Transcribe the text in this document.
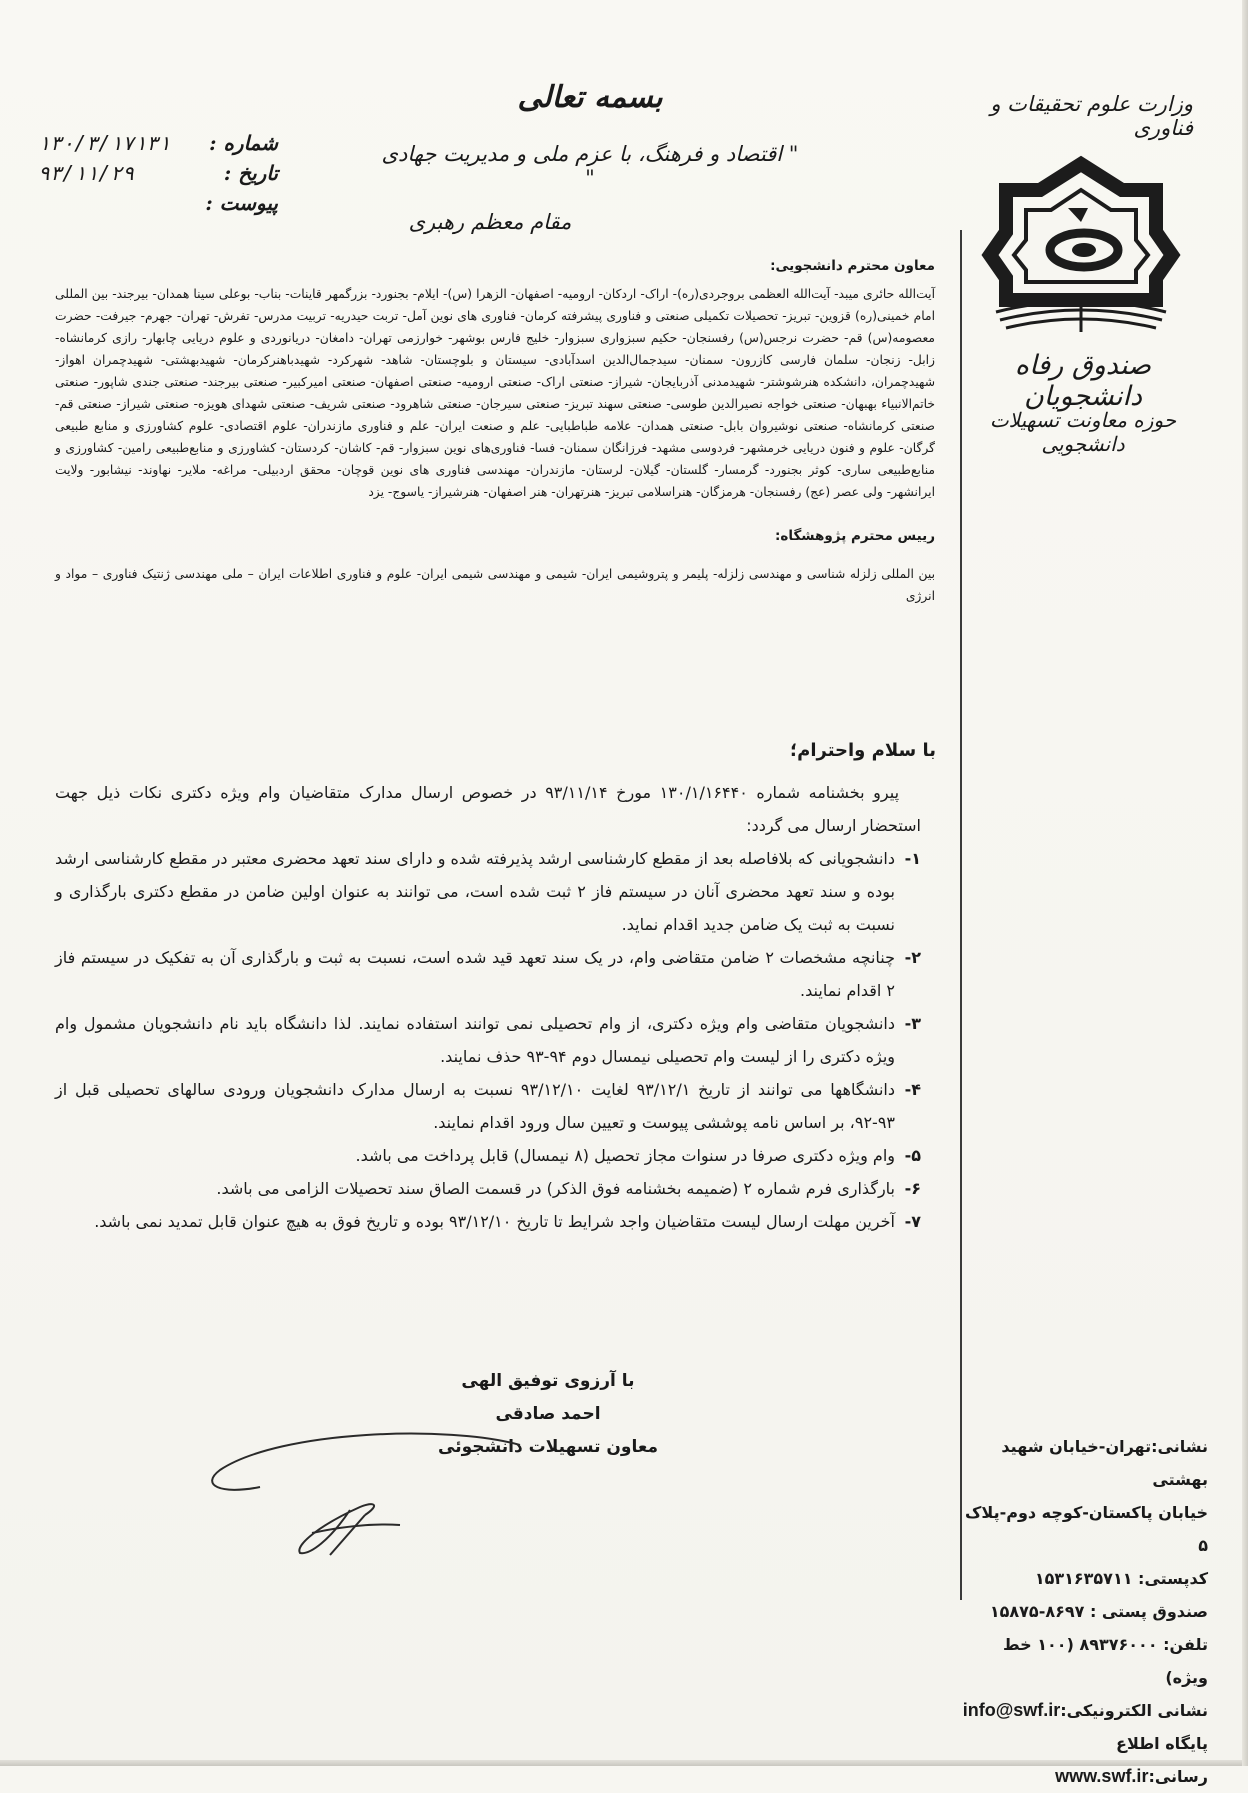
وزارت علوم تحقیقات و فناوری
صندوق رفاه دانشجویان
حوزه معاونت تسهیلات دانشجویی
بسمه تعالی
" اقتصاد و فرهنگ، با عزم ملی و مدیریت جهادی "
مقام معظم رهبری
شماره :
۱۳۰/۳/۱۷۱۳۱
تاریخ :
۹۳/۱۱/۲۹
پیوست :

معاون محترم دانشجویی:

آیت‌الله حائری میبد- آیت‌الله العظمی بروجردی(ره)- اراک- اردکان- ارومیه- اصفهان- الزهرا (س)- ایلام- بجنورد- بزرگمهر قاینات- بناب- بوعلی سینا همدان- بیرجند- بین المللی امام خمینی(ره) قزوین- تبریز- تحصیلات تکمیلی صنعتی و فناوری پیشرفته کرمان- فناوری های نوین آمل- تربت حیدریه- تربیت مدرس- تفرش- تهران- جهرم- جیرفت- حضرت معصومه(س) قم- حضرت نرجس(س) رفسنجان- حکیم سبزواری سبزوار- خلیج فارس بوشهر- خوارزمی تهران- دامغان- دریانوردی و علوم دریایی چابهار- رازی کرمانشاه- زابل- زنجان- سلمان فارسی کازرون- سمنان- سیدجمال‌الدین اسدآبادی- سیستان و بلوچستان- شاهد- شهرکرد- شهیدباهنرکرمان- شهیدبهشتی- شهیدچمران اهواز- شهیدچمران، دانشکده هنرشوشتر- شهیدمدنی آذربایجان- شیراز- صنعتی اراک- صنعتی ارومیه- صنعتی اصفهان- صنعتی امیرکبیر- صنعتی بیرجند- صنعتی جندی شاپور- صنعتی خاتم‌الانبیاء بهبهان- صنعتی خواجه نصیرالدین طوسی- صنعتی سهند تبریز- صنعتی سیرجان- صنعتی شاهرود- صنعتی شریف- صنعتی شهدای هویزه- صنعتی شیراز- صنعتی قم- صنعتی کرمانشاه- صنعتی نوشیروان بابل- صنعتی همدان- علامه طباطبایی- علم و صنعت ایران- علم و فناوری مازندران- علوم اقتصادی- علوم کشاورزی و منابع طبیعی گرگان- علوم و فنون دریایی خرمشهر- فردوسی مشهد- فرزانگان سمنان- فسا- فناوری‌های نوین سبزوار- قم- کاشان- کردستان- کشاورزی و منابع‌طبیعی رامین- کشاورزی و منابع‌طبیعی ساری- کوثر بجنورد- گرمسار- گلستان- گیلان- لرستان- مازندران- مهندسی فناوری های نوین قوچان- محقق اردبیلی- مراغه- ملایر- نهاوند- نیشابور- ولایت ایرانشهر- ولی عصر (عج) رفسنجان- هرمزگان- هنراسلامی تبریز- هنرتهران- هنر اصفهان- هنرشیراز- یاسوج- یزد

رییس محترم پژوهشگاه:

بین المللی زلزله شناسی و مهندسی زلزله- پلیمر و پتروشیمی ایران- شیمی و مهندسی شیمی ایران- علوم و فناوری اطلاعات ایران – ملی مهندسی ژنتیک فناوری – مواد و انرژی

با سلام واحترام؛

پیرو بخشنامه شماره ۱۳۰/۱/۱۶۴۴۰ مورخ ۹۳/۱۱/۱۴ در خصوص ارسال مدارک متقاضیان وام ویژه دکتری نکات ذیل جهت استحضار ارسال می گردد:

۱-
دانشجویانی که بلافاصله بعد از مقطع کارشناسی ارشد پذیرفته شده و دارای سند تعهد محضری معتبر در مقطع کارشناسی ارشد بوده و سند تعهد محضری آنان در سیستم فاز ۲ ثبت شده است، می توانند به عنوان اولین ضامن در مقطع دکتری بارگذاری و نسبت به ثبت یک ضامن جدید اقدام نماید.
۲-
چنانچه مشخصات ۲ ضامن متقاضی وام، در یک سند تعهد قید شده است، نسبت به ثبت و بارگذاری آن به تفکیک در سیستم فاز ۲ اقدام نمایند.
۳-
دانشجویان متقاضی وام ویژه دکتری، از وام تحصیلی نمی توانند استفاده نمایند. لذا دانشگاه باید نام دانشجویان مشمول وام ویژه دکتری را از لیست وام تحصیلی نیمسال دوم ۹۴-۹۳ حذف نمایند.
۴-
دانشگاهها می توانند از تاریخ ۹۳/۱۲/۱ لغایت ۹۳/۱۲/۱۰ نسبت به ارسال مدارک دانشجویان ورودی سالهای تحصیلی قبل از ۹۳-۹۲، بر اساس نامه پوششی پیوست و تعیین سال ورود اقدام نمایند.
۵-
وام ویژه دکتری صرفا در سنوات مجاز تحصیل (۸ نیمسال) قابل پرداخت می باشد.
۶-
بارگذاری فرم شماره ۲ (ضمیمه بخشنامه فوق الذکر) در قسمت الصاق سند تحصیلات الزامی می باشد.
۷-
آخرین مهلت ارسال لیست متقاضیان واجد شرایط تا تاریخ ۹۳/۱۲/۱۰ بوده و تاریخ فوق به هیچ عنوان قابل تمدید نمی باشد.
با آرزوی توفیق الهی
احمد صادقی
معاون تسهیلات دانشجوئی	نشانی:تهران-خیابان شهید بهشتی
خیابان پاکستان-کوچه دوم-پلاک ۵
کدپستی: ۱۵۳۱۶۳۵۷۱۱
صندوق پستی : ۸۶۹۷-۱۵۸۷۵
تلفن: ۸۹۳۷۶۰۰۰ (۱۰۰ خط ویژه)
نشانی الکترونیکی:info@swf.ir
پایگاه اطلاع رسانی:www.swf.ir
